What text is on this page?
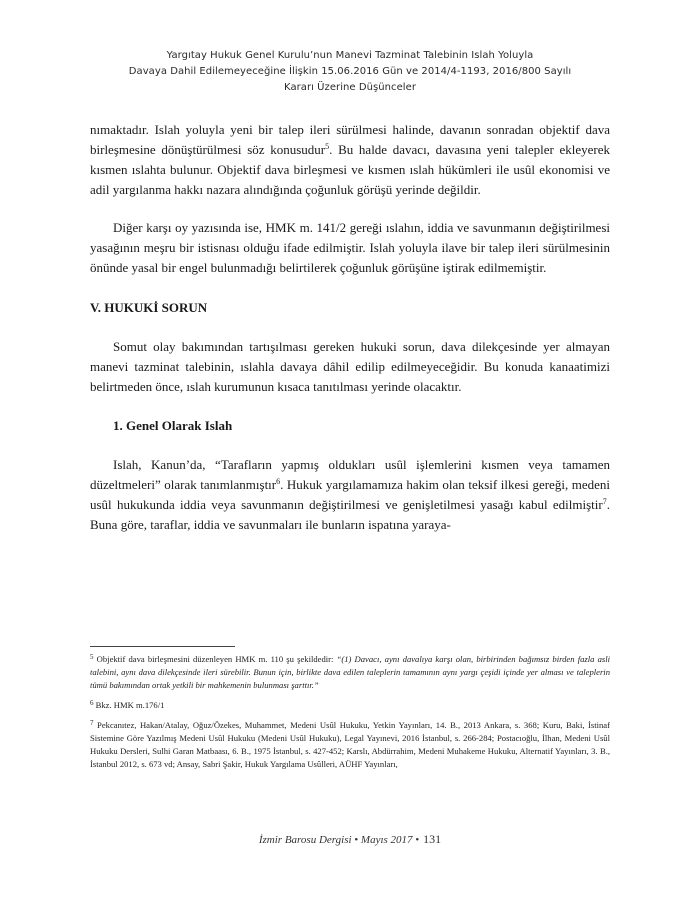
Yargıtay Hukuk Genel Kurulu’nun Manevi Tazminat Talebinin Islah Yoluyla
Davaya Dahil Edilemeyeceğine İlişkin 15.06.2016 Gün ve 2014/4-1193, 2016/800 Sayılı
Kararı Üzerine Düşünceler

nımaktadır. Islah yoluyla yeni bir talep ileri sürülmesi halinde, davanın sonradan objektif dava birleşmesine dönüştürülmesi söz konusudur$^5$. Bu halde davacı, davasına yeni talepler ekleyerek kısmen ıslahta bulunur. Objektif dava birleşmesi ve kısmen ıslah hükümleri ile usûl ekonomisi ve adil yargılanma hakkı nazara alındığında çoğunluk görüşü yerinde değildir.

Diğer karşı oy yazısında ise, HMK m. 141/2 gereği ıslahın, iddia ve savunmanın değiştirilmesi yasağının meşru bir istisnası olduğu ifade edilmiştir. Islah yoluyla ilave bir talep ileri sürülmesinin önünde yasal bir engel bulunmadığı belirtilerek çoğunluk görüşüne iştirak edilmemiştir.

V. HUKUKİ SORUN

Somut olay bakımından tartışılması gereken hukuki sorun, dava dilekçesinde yer almayan manevi tazminat talebinin, ıslahla davaya dâhil edilip edilmeyeceğidir. Bu konuda kanaatimizi belirtmeden önce, ıslah kurumunun kısaca tanıtılması yerinde olacaktır.

1. Genel Olarak Islah

Islah, Kanun’da, “Tarafların yapmış oldukları usûl işlemlerini kısmen veya tamamen düzeltmeleri” olarak tanımlanmıştır$^6$. Hukuk yargılamamıza hakim olan teksif ilkesi gereği, medeni usûl hukukunda iddia veya savunmanın değiştirilmesi ve genişletilmesi yasağı kabul edilmiştir$^7$. Buna göre, taraflar, iddia ve savunmaları ile bunların ispatına yaraya-

$^5$ Objektif dava birleşmesini düzenleyen HMK m. 110 şu şekildedir: “(1) Davacı, aynı davalıya karşı olan, birbirinden bağımsız birden fazla asli talebini, aynı dava dilekçesinde ileri sürebilir. Bunun için, birlikte dava edilen taleplerin tamamının aynı yargı çeşidi içinde yer alması ve taleplerin tümü bakımından ortak yetkili bir mahkemenin bulunması şarttır.”

$^6$ Bkz. HMK m.176/1

$^7$ Pekcanıtez, Hakan/Atalay, Oğuz/Özekes, Muhammet, Medeni Usûl Hukuku, Yetkin Yayınları, 14. B., 2013 Ankara, s. 368; Kuru, Baki, İstinaf Sistemine Göre Yazılmış Medeni Usûl Hukuku (Medeni Usûl Hukuku), Legal Yayınevi, 2016 İstanbul, s. 266-284; Postacıoğlu, İlhan, Medeni Usûl Hukuku Dersleri, Sulhi Garan Matbaası, 6. B., 1975 İstanbul, s. 427-452; Karslı, Abdürrahim, Medeni Muhakeme Hukuku, Alternatif Yayınları, 3. B., İstanbul 2012, s. 673 vd; Ansay, Sabri Şakir, Hukuk Yargılama Usûlleri, AÜHF Yayınları,

İzmir Barosu Dergisi • Mayıs 2017 • 131
